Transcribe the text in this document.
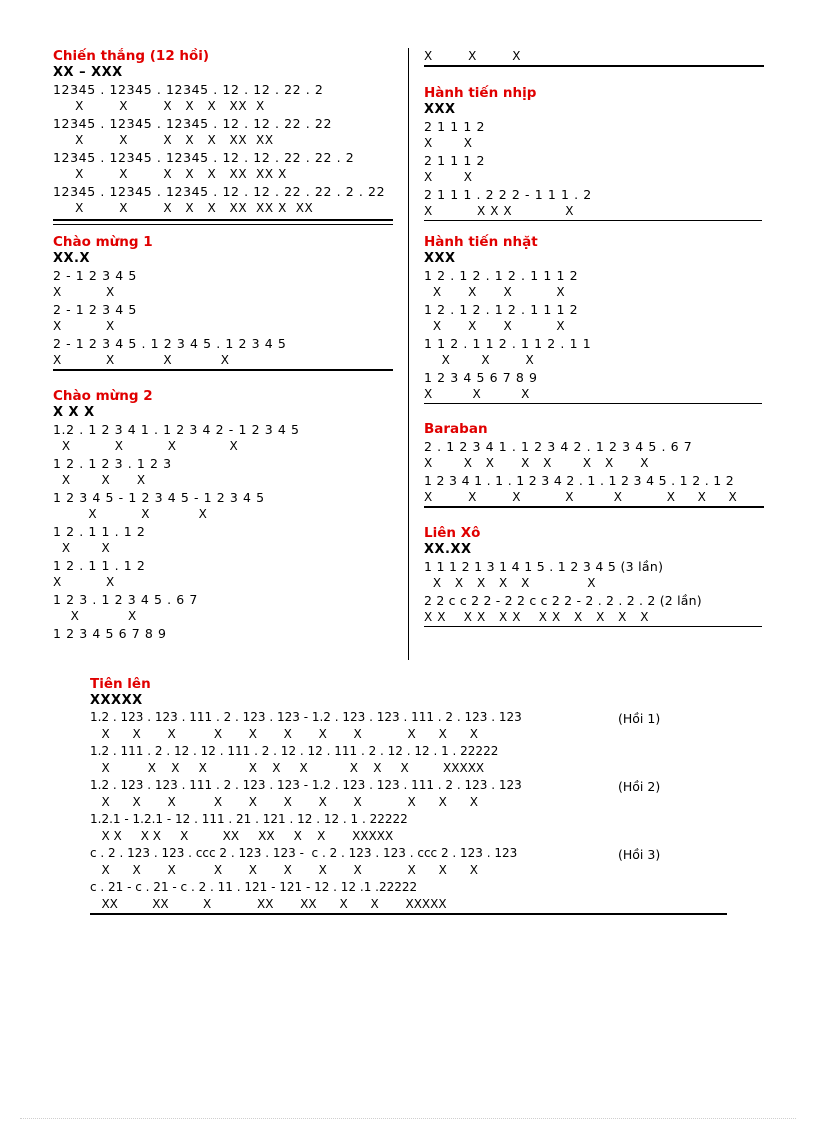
Chiến thắng (12 hồi)
XX – XXX
12345 . 12345 . 12345 . 12 . 12 . 22 . 2
X        X        X   X   X   XX  X
12345 . 12345 . 12345 . 12 . 12 . 22 . 22
X        X        X   X   X   XX  XX
12345 . 12345 . 12345 . 12 . 12 . 22 . 22 . 2
X        X        X   X   X   XX  XX X
12345 . 12345 . 12345 . 12 . 12 . 22 . 22 . 2 . 22
X        X        X   X   X   XX  XX X  XX
Chào mừng 1
XX.X
2 - 1 2 3 4 5
X          X
2 - 1 2 3 4 5
X          X
2 - 1 2 3 4 5 . 1 2 3 4 5 . 1 2 3 4 5
X          X           X           X
Chào mừng 2
X X X
1.2 . 1 2 3 4 1 . 1 2 3 4 2 - 1 2 3 4 5
X          X          X            X
1 2 . 1 2 3 . 1 2 3
X       X      X
1 2 3 4 5 - 1 2 3 4 5 - 1 2 3 4 5
X          X           X
1 2 . 1 1 . 1 2
X       X
1 2 . 1 1 . 1 2
X          X
1 2 3 . 1 2 3 4 5 . 6 7
X           X
1 2 3 4 5 6 7 8 9
X        X        X
Hành tiến nhịp
XXX
2 1 1 1 2
X       X
2 1 1 1 2
X       X
2 1 1 1 . 2 2 2 - 1 1 1 . 2
X          X X X            X
Hành tiến nhặt
XXX
1 2 . 1 2 . 1 2 . 1 1 1 2
X      X      X          X
1 2 . 1 2 . 1 2 . 1 1 1 2
X      X      X          X
1 1 2 . 1 1 2 . 1 1 2 . 1 1
X       X        X
1 2 3 4 5 6 7 8 9
X         X         X
Baraban
2 . 1 2 3 4 1 . 1 2 3 4 2 . 1 2 3 4 5 . 6 7
X       X   X      X   X       X   X      X
1 2 3 4 1 . 1 . 1 2 3 4 2 . 1 . 1 2 3 4 5 . 1 2 . 1 2
X        X        X          X         X          X     X     X
Liên Xô
XX.XX
1 1 1 2 1 3 1 4 1 5 . 1 2 3 4 5 (3 lần)
X   X   X   X   X             X
2 2 c c 2 2 - 2 2 c c 2 2 - 2 . 2 . 2 . 2 (2 lần)
X X    X X   X X    X X   X   X   X   X
Tiên lên
XXXXX
1.2 . 123 . 123 . 111 . 2 . 123 . 123 - 1.2 . 123 . 123 . 111 . 2 . 123 . 123
X      X       X          X       X       X       X       X            X      X      X
1.2 . 111 . 2 . 12 . 12 . 111 . 2 . 12 . 12 . 111 . 2 . 12 . 12 . 1 . 22222
X          X    X     X           X    X     X           X    X     X         XXXXX
1.2 . 123 . 123 . 111 . 2 . 123 . 123 - 1.2 . 123 . 123 . 111 . 2 . 123 . 123
X      X       X          X       X       X       X       X            X      X      X
1.2.1 - 1.2.1 - 12 . 111 . 21 . 121 . 12 . 12 . 1 . 22222
X X     X X     X         XX     XX     X    X       XXXXX
c . 2 . 123 . 123 . ccc 2 . 123 . 123 -  c . 2 . 123 . 123 . ccc 2 . 123 . 123
X      X       X          X       X       X       X       X            X      X      X
c . 21 - c . 21 - c . 2 . 11 . 121 - 121 - 12 . 12 .1 .22222
XX         XX         X            XX       XX      X      X       XXXXX
(Hồi 1)
(Hồi 2)
(Hồi 3)
